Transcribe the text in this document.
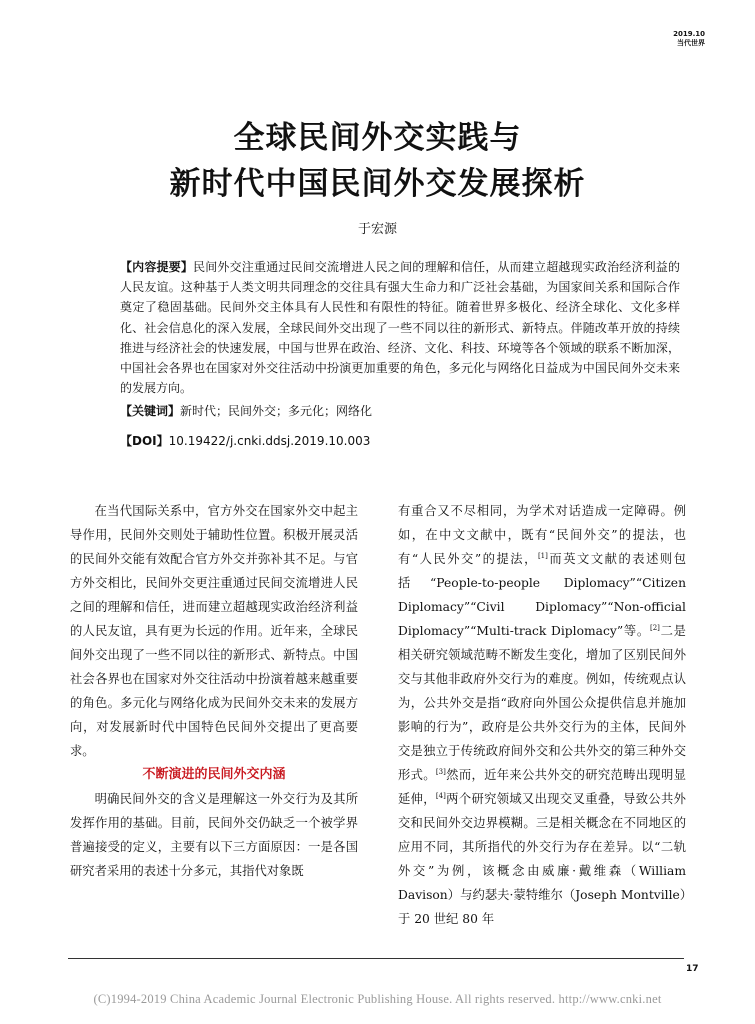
2019.10
当代世界
全球民间外交实践与
新时代中国民间外交发展探析
于宏源
【内容提要】民间外交注重通过民间交流增进人民之间的理解和信任，从而建立超越现实政治经济利益的人民友谊。这种基于人类文明共同理念的交往具有强大生命力和广泛社会基础，为国家间关系和国际合作奠定了稳固基础。民间外交主体具有人民性和有限性的特征。随着世界多极化、经济全球化、文化多样化、社会信息化的深入发展，全球民间外交出现了一些不同以往的新形式、新特点。伴随改革开放的持续推进与经济社会的快速发展，中国与世界在政治、经济、文化、科技、环境等各个领域的联系不断加深，中国社会各界也在国家对外交往活动中扮演更加重要的角色，多元化与网络化日益成为中国民间外交未来的发展方向。
【关键词】新时代；民间外交；多元化；网络化
【DOI】10.19422/j.cnki.ddsj.2019.10.003

在当代国际关系中，官方外交在国家外交中起主导作用，民间外交则处于辅助性位置。积极开展灵活的民间外交能有效配合官方外交并弥补其不足。与官方外交相比，民间外交更注重通过民间交流增进人民之间的理解和信任，进而建立超越现实政治经济利益的人民友谊，具有更为长远的作用。近年来，全球民间外交出现了一些不同以往的新形式、新特点。中国社会各界也在国家对外交往活动中扮演着越来越重要的角色。多元化与网络化成为民间外交未来的发展方向，对发展新时代中国特色民间外交提出了更高要求。

不断演进的民间外交内涵

明确民间外交的含义是理解这一外交行为及其所发挥作用的基础。目前，民间外交仍缺乏一个被学界普遍接受的定义，主要有以下三方面原因：一是各国研究者采用的表述十分多元，其指代对象既

有重合又不尽相同，为学术对话造成一定障碍。例如，在中文文献中，既有“民间外交”的提法，也有“人民外交”的提法，[1]而英文文献的表述则包括“People-to-people Diplomacy”“Citizen Diplomacy”“Civil Diplomacy”“Non-official Diplomacy”“Multi-track Diplomacy”等。[2]二是相关研究领域范畴不断发生变化，增加了区别民间外交与其他非政府外交行为的难度。例如，传统观点认为，公共外交是指“政府向外国公众提供信息并施加影响的行为”，政府是公共外交行为的主体，民间外交是独立于传统政府间外交和公共外交的第三种外交形式。[3]然而，近年来公共外交的研究范畴出现明显延伸，[4]两个研究领域又出现交叉重叠，导致公共外交和民间外交边界模糊。三是相关概念在不同地区的应用不同，其所指代的外交行为存在差异。以“二轨外交”为例，该概念由威廉·戴维森（William Davison）与约瑟夫·蒙特维尔（Joseph Montville）于 20 世纪 80 年

17
(C)1994-2019 China Academic Journal Electronic Publishing House. All rights reserved. http://www.cnki.net
